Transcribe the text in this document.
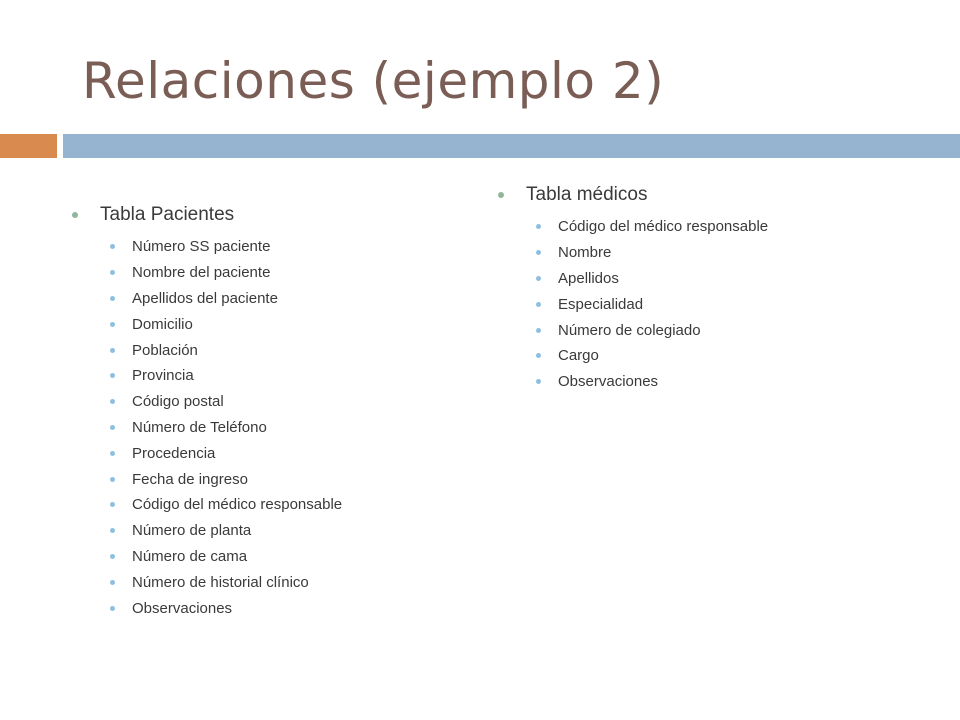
Relaciones (ejemplo 2)
Tabla Pacientes
Número SS paciente
Nombre del paciente
Apellidos del paciente
Domicilio
Población
Provincia
Código postal
Número de Teléfono
Procedencia
Fecha de ingreso
Código del médico responsable
Número de planta
Número de cama
Número de historial clínico
Observaciones
Tabla médicos
Código del médico responsable
Nombre
Apellidos
Especialidad
Número de colegiado
Cargo
Observaciones
